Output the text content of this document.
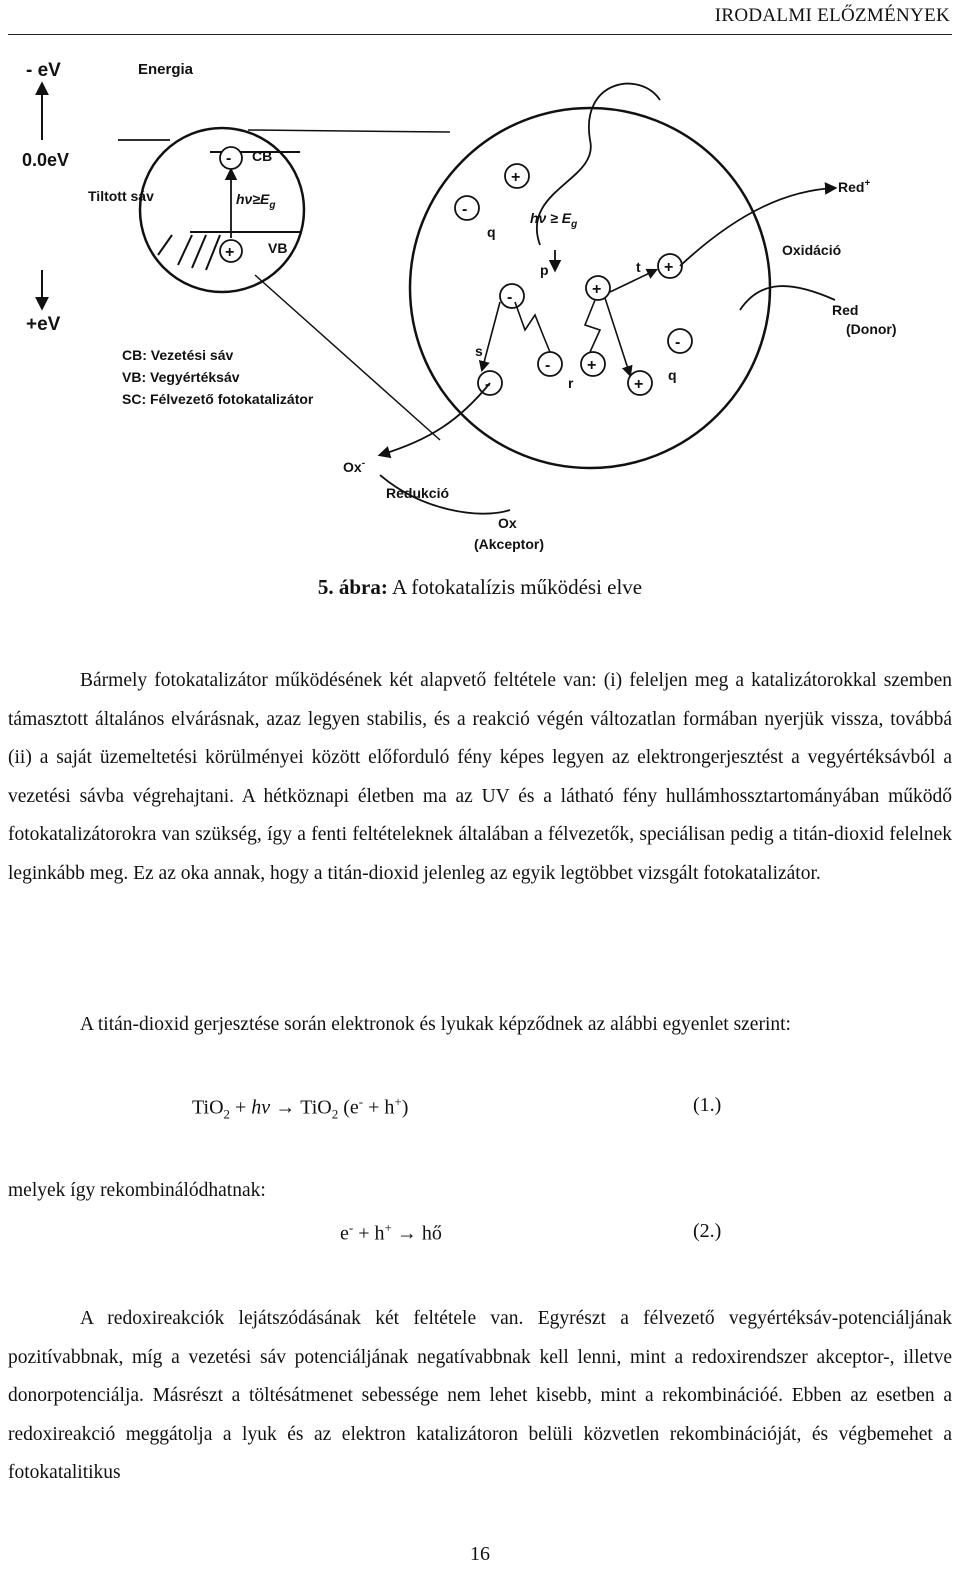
IRODALMI ELŐZMÉNYEK
- eV
0.0eV
+eV
Energia
CB
VB
Tiltott sáv	$h\nu\ge E_g$
-
+
CB: Vezetési sáv
VB: Vegyértéksáv
SC: Félvezető fotokatalizátor
$h\nu \ge E_g$
-
+
-	+
+
- +
-	+
-
p
q
q
r
s
t
Red+
Oxidáció
Red
(Donor)
Ox-
Redukció
Ox
(Akceptor)
5. ábra: A fotokatalízis működési elve
Bármely fotokatalizátor működésének két alapvető feltétele van: (i) feleljen meg a katalizátorokkal szemben támasztott általános elvárásnak, azaz legyen stabilis, és a reakció végén változatlan formában nyerjük vissza, továbbá (ii) a saját üzemeltetési körülményei között előforduló fény képes legyen az elektrongerjesztést a vegyértéksávból a vezetési sávba végrehajtani. A hétköznapi életben ma az UV és a látható fény hullámhossztartományában működő fotokatalizátorokra van szükség, így a fenti feltételeknek általában a félvezetők, speciálisan pedig a titán-dioxid felelnek leginkább meg. Ez az oka annak, hogy a titán-dioxid jelenleg az egyik legtöbbet vizsgált fotokatalizátor.
A titán-dioxid gerjesztése során elektronok és lyukak képződnek az alábbi egyenlet szerint:
TiO$_2$ + hν → TiO$_2$ (e- + h+)	(1.)
melyek így rekombinálódhatnak:
e- + h+ → hő	(2.)
A redoxireakciók lejátszódásának két feltétele van. Egyrészt a félvezető vegyértéksáv-potenciáljának pozitívabbnak, míg a vezetési sáv potenciáljának negatívabbnak kell lenni, mint a redoxirendszer akceptor-, illetve donorpotenciálja. Másrészt a töltésátmenet sebessége nem lehet kisebb, mint a rekombinációé. Ebben az esetben a redoxireakció meggátolja a lyuk és az elektron katalizátoron belüli közvetlen rekombinációját, és végbemehet a fotokatalitikus
16
